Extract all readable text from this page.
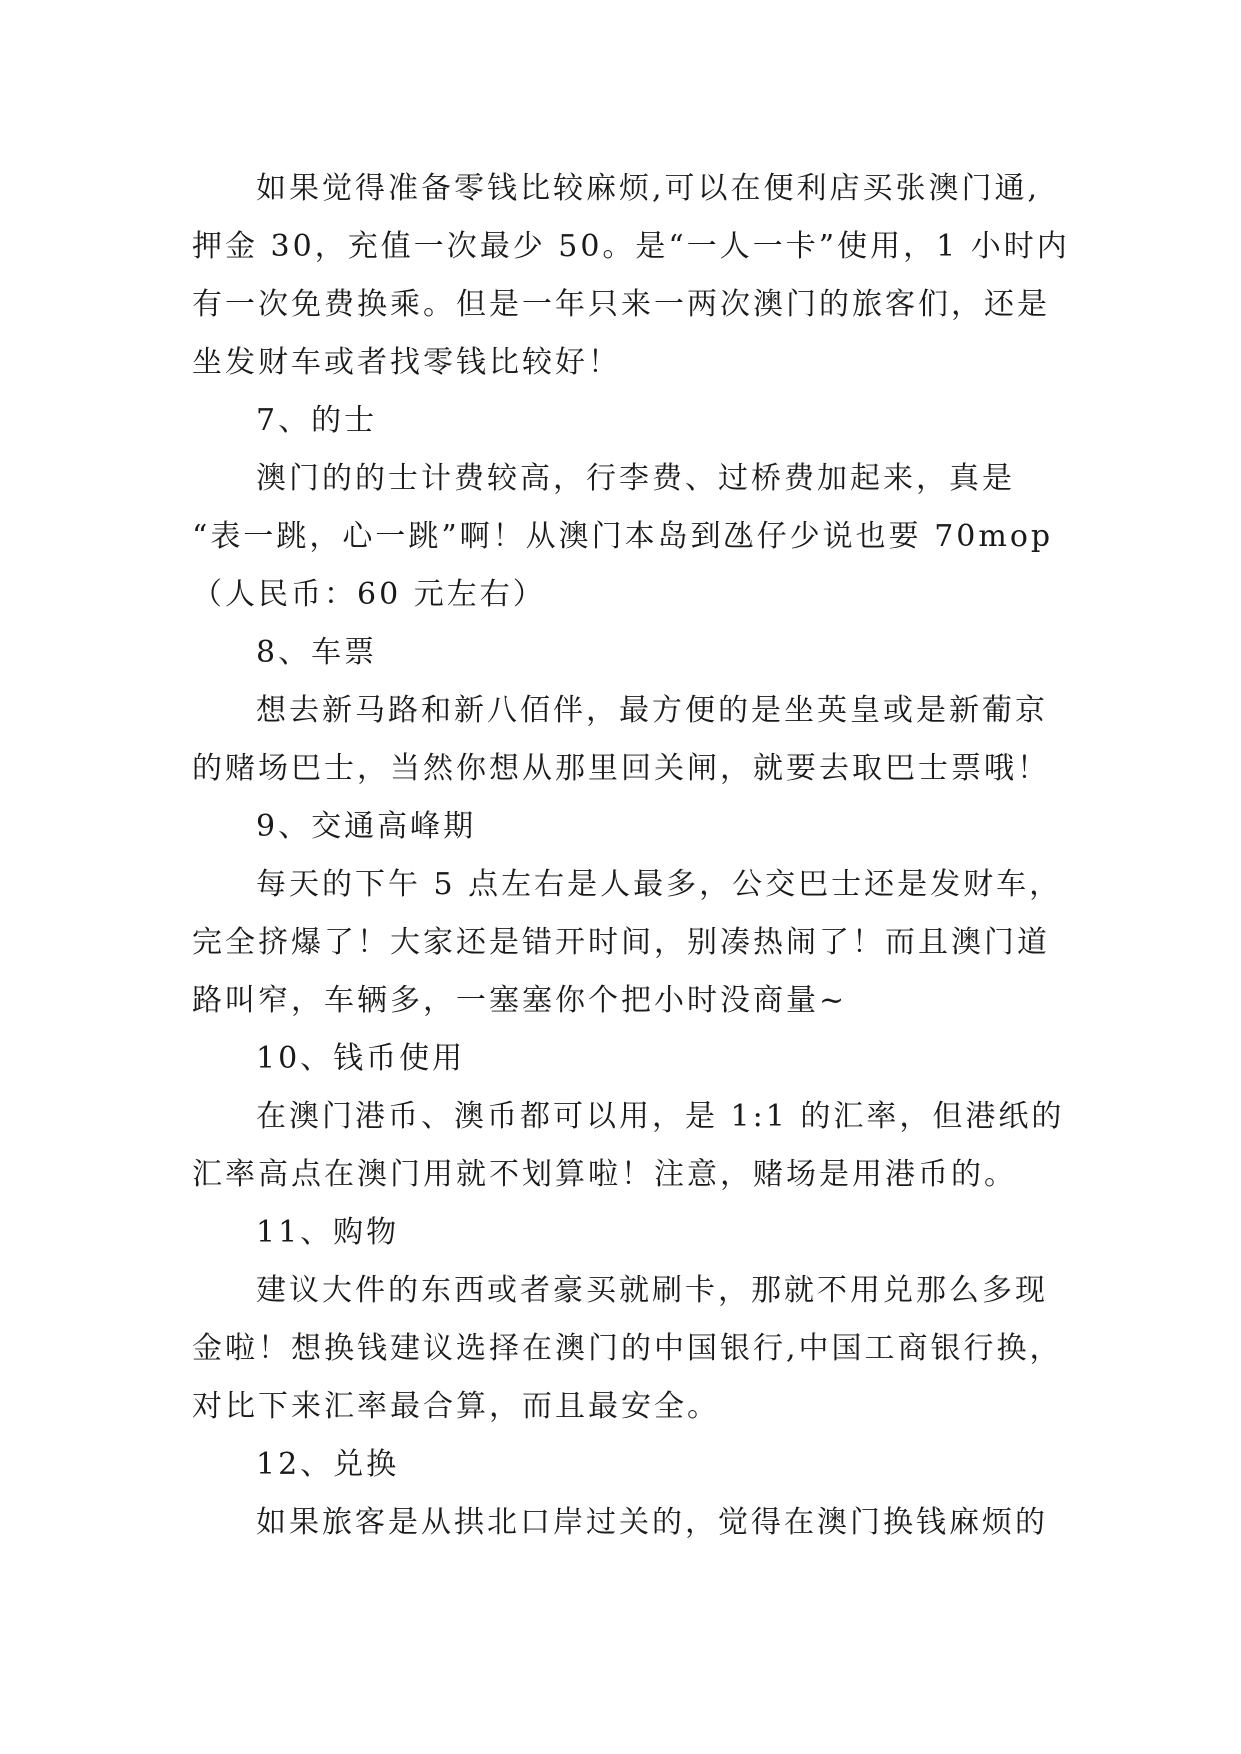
如果觉得准备零钱比较麻烦,可以在便利店买张澳门通,
押金 30，充值一次最少 50。是“一人一卡”使用，1 小时内
有一次免费换乘。但是一年只来一两次澳门的旅客们，还是
坐发财车或者找零钱比较好！
7、的士
澳门的的士计费较高，行李费、过桥费加起来，真是
“表一跳，心一跳”啊！从澳门本岛到氹仔少说也要 70mop
（人民币：60 元左右）
8、车票
想去新马路和新八佰伴，最方便的是坐英皇或是新葡京
的赌场巴士，当然你想从那里回关闸，就要去取巴士票哦！
9、交通高峰期
每天的下午 5 点左右是人最多，公交巴士还是发财车，
完全挤爆了！大家还是错开时间，别凑热闹了！而且澳门道
路叫窄，车辆多，一塞塞你个把小时没商量~
10、钱币使用
在澳门港币、澳币都可以用，是 1:1 的汇率，但港纸的
汇率高点在澳门用就不划算啦！注意，赌场是用港币的。
11、购物
建议大件的东西或者豪买就刷卡，那就不用兑那么多现
金啦！想换钱建议选择在澳门的中国银行,中国工商银行换，
对比下来汇率最合算，而且最安全。
12、兑换
如果旅客是从拱北口岸过关的，觉得在澳门换钱麻烦的
